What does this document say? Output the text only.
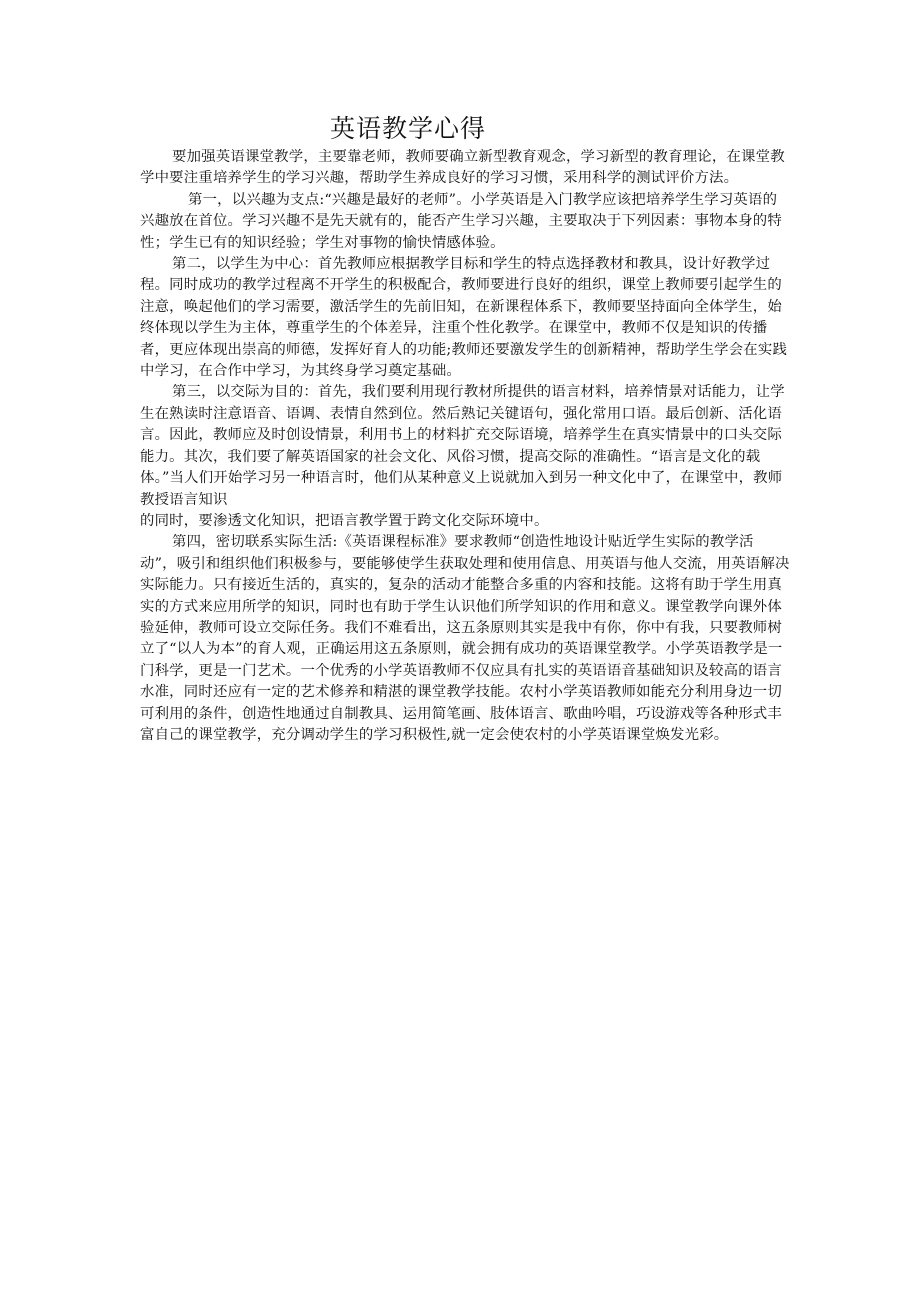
英语教学心得

要加强英语课堂教学，主要靠老师，教师要确立新型教育观念，学习新型的教育理论，在课堂教学中要注重培养学生的学习兴趣，帮助学生养成良好的学习习惯，采用科学的测试评价方法。

第一，以兴趣为支点:“兴趣是最好的老师”。小学英语是入门教学应该把培养学生学习英语的兴趣放在首位。学习兴趣不是先天就有的，能否产生学习兴趣，主要取决于下列因素：事物本身的特性；学生已有的知识经验；学生对事物的愉快情感体验。

第二，以学生为中心：首先教师应根据教学目标和学生的特点选择教材和教具，设计好教学过程。同时成功的教学过程离不开学生的积极配合，教师要进行良好的组织，课堂上教师要引起学生的注意，唤起他们的学习需要，激活学生的先前旧知，在新课程体系下，教师要坚持面向全体学生，始终体现以学生为主体，尊重学生的个体差异，注重个性化教学。在课堂中，教师不仅是知识的传播者，更应体现出崇高的师德，发挥好育人的功能;教师还要激发学生的创新精神，帮助学生学会在实践中学习，在合作中学习，为其终身学习奠定基础。

第三，以交际为目的：首先，我们要利用现行教材所提供的语言材料，培养情景对话能力，让学生在熟读时注意语音、语调、表情自然到位。然后熟记关键语句，强化常用口语。最后创新、活化语言。因此，教师应及时创设情景，利用书上的材料扩充交际语境，培养学生在真实情景中的口头交际能力。其次，我们要了解英语国家的社会文化、风俗习惯，提高交际的准确性。“语言是文化的载体。”当人们开始学习另一种语言时，他们从某种意义上说就加入到另一种文化中了，在课堂中，教师教授语言知识

的同时，要渗透文化知识，把语言教学置于跨文化交际环境中。

第四，密切联系实际生活:《英语课程标准》要求教师“创造性地设计贴近学生实际的教学活动”，吸引和组织他们积极参与，要能够使学生获取处理和使用信息、用英语与他人交流，用英语解决实际能力。只有接近生活的，真实的，复杂的活动才能整合多重的内容和技能。这将有助于学生用真实的方式来应用所学的知识，同时也有助于学生认识他们所学知识的作用和意义。课堂教学向课外体验延伸，教师可设立交际任务。我们不难看出，这五条原则其实是我中有你，你中有我，只要教师树立了“以人为本”的育人观，正确运用这五条原则，就会拥有成功的英语课堂教学。小学英语教学是一门科学，更是一门艺术。一个优秀的小学英语教师不仅应具有扎实的英语语音基础知识及较高的语言水准，同时还应有一定的艺术修养和精湛的课堂教学技能。农村小学英语教师如能充分利用身边一切可利用的条件，创造性地通过自制教具、运用简笔画、肢体语言、歌曲吟唱，巧设游戏等各种形式丰富自己的课堂教学，充分调动学生的学习积极性,就一定会使农村的小学英语课堂焕发光彩。
